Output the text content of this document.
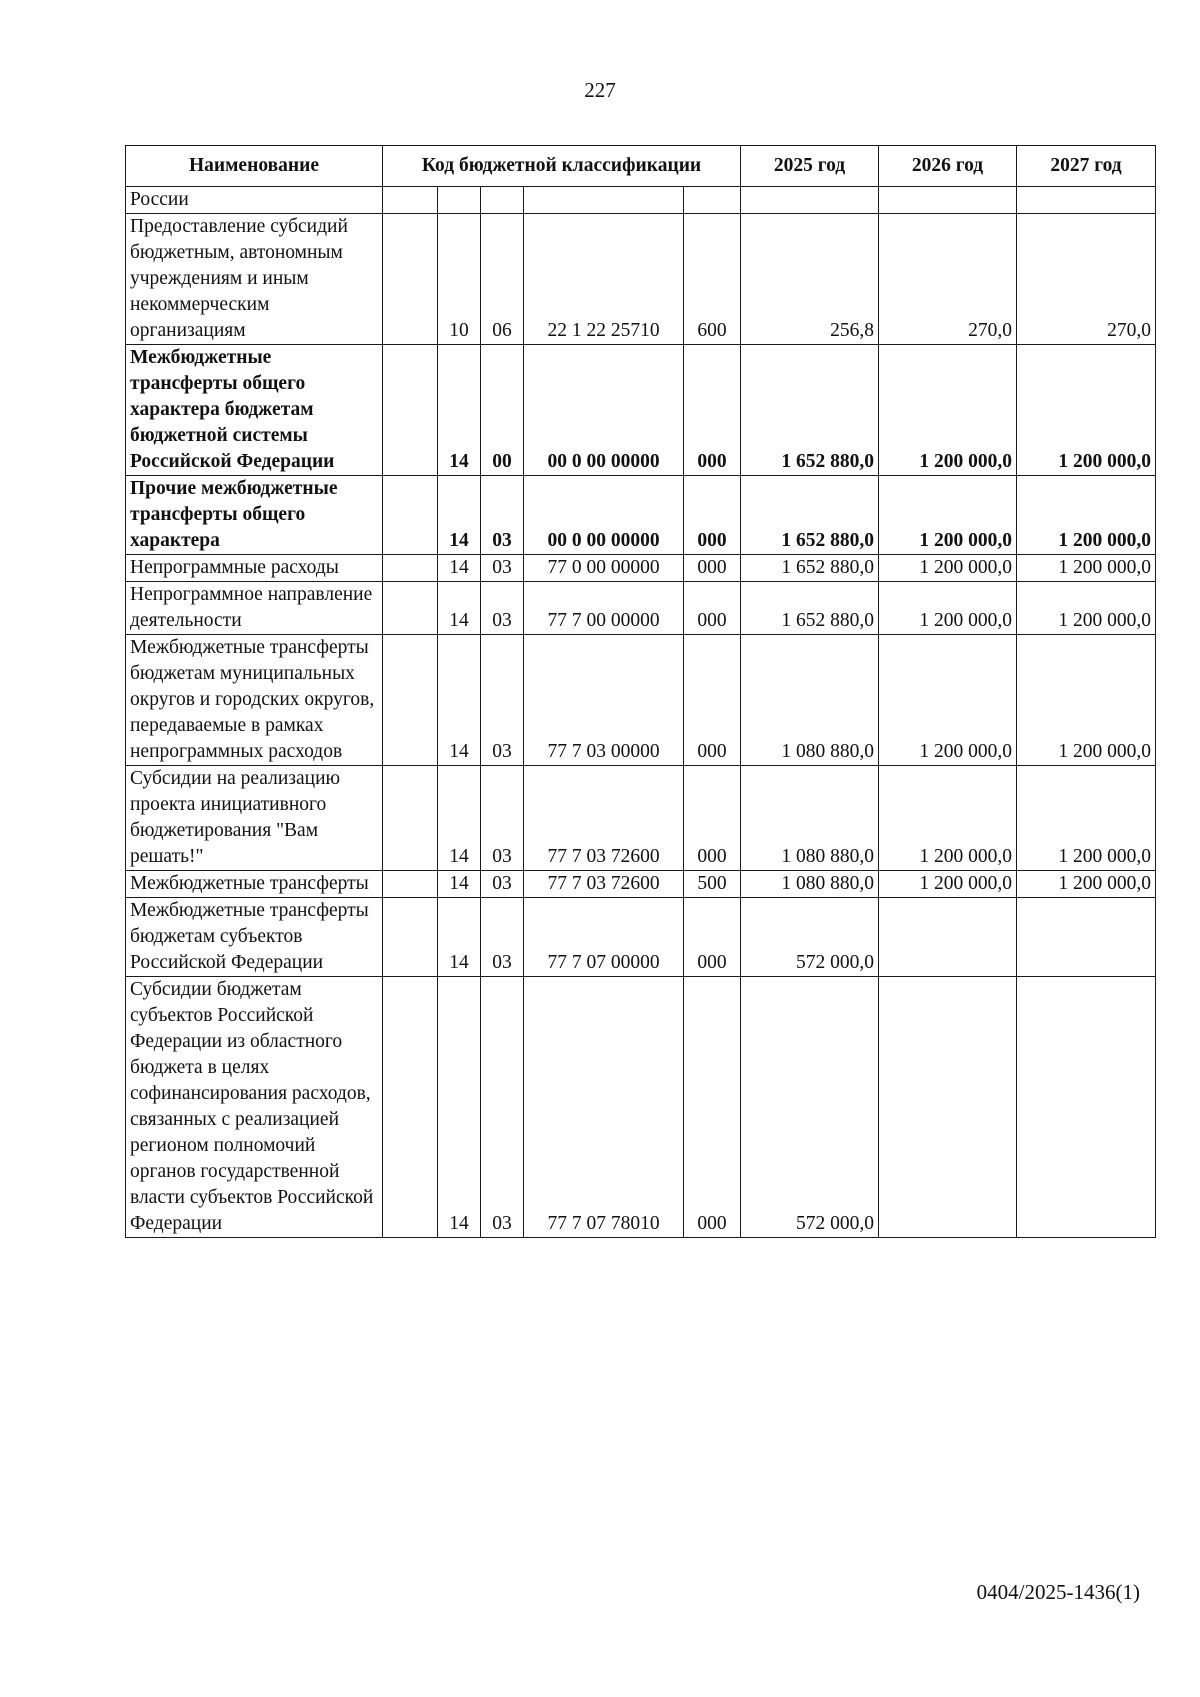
227
Наименование	Код бюджетной классификации					2025 год	2026 год	2027 год
России								
Предоставление субсидий бюджетным, автономным учреждениям и иным некоммерческим организациям		10	06	22 1 22 25710	600	256,8	270,0	270,0
Межбюджетные трансферты общего характера бюджетам бюджетной системы Российской Федерации		14	00	00 0 00 00000	000	1 652 880,0	1 200 000,0	1 200 000,0
Прочие межбюджетные трансферты общего характера		14	03	00 0 00 00000	000	1 652 880,0	1 200 000,0	1 200 000,0
Непрограммные расходы		14	03	77 0 00 00000	000	1 652 880,0	1 200 000,0	1 200 000,0
Непрограммное направление деятельности		14	03	77 7 00 00000	000	1 652 880,0	1 200 000,0	1 200 000,0
Межбюджетные трансферты бюджетам муниципальных округов и городских округов, передаваемые в рамках непрограммных расходов		14	03	77 7 03 00000	000	1 080 880,0	1 200 000,0	1 200 000,0
Субсидии на реализацию проекта инициативного бюджетирования "Вам решать!"		14	03	77 7 03 72600	000	1 080 880,0	1 200 000,0	1 200 000,0
Межбюджетные трансферты		14	03	77 7 03 72600	500	1 080 880,0	1 200 000,0	1 200 000,0
Межбюджетные трансферты бюджетам субъектов Российской Федерации		14	03	77 7 07 00000	000	572 000,0		
Субсидии бюджетам субъектов Российской Федерации из областного бюджета в целях софинансирования расходов, связанных с реализацией регионом полномочий органов государственной власти субъектов Российской Федерации		14	03	77 7 07 78010	000	572 000,0		
0404/2025-1436(1)
